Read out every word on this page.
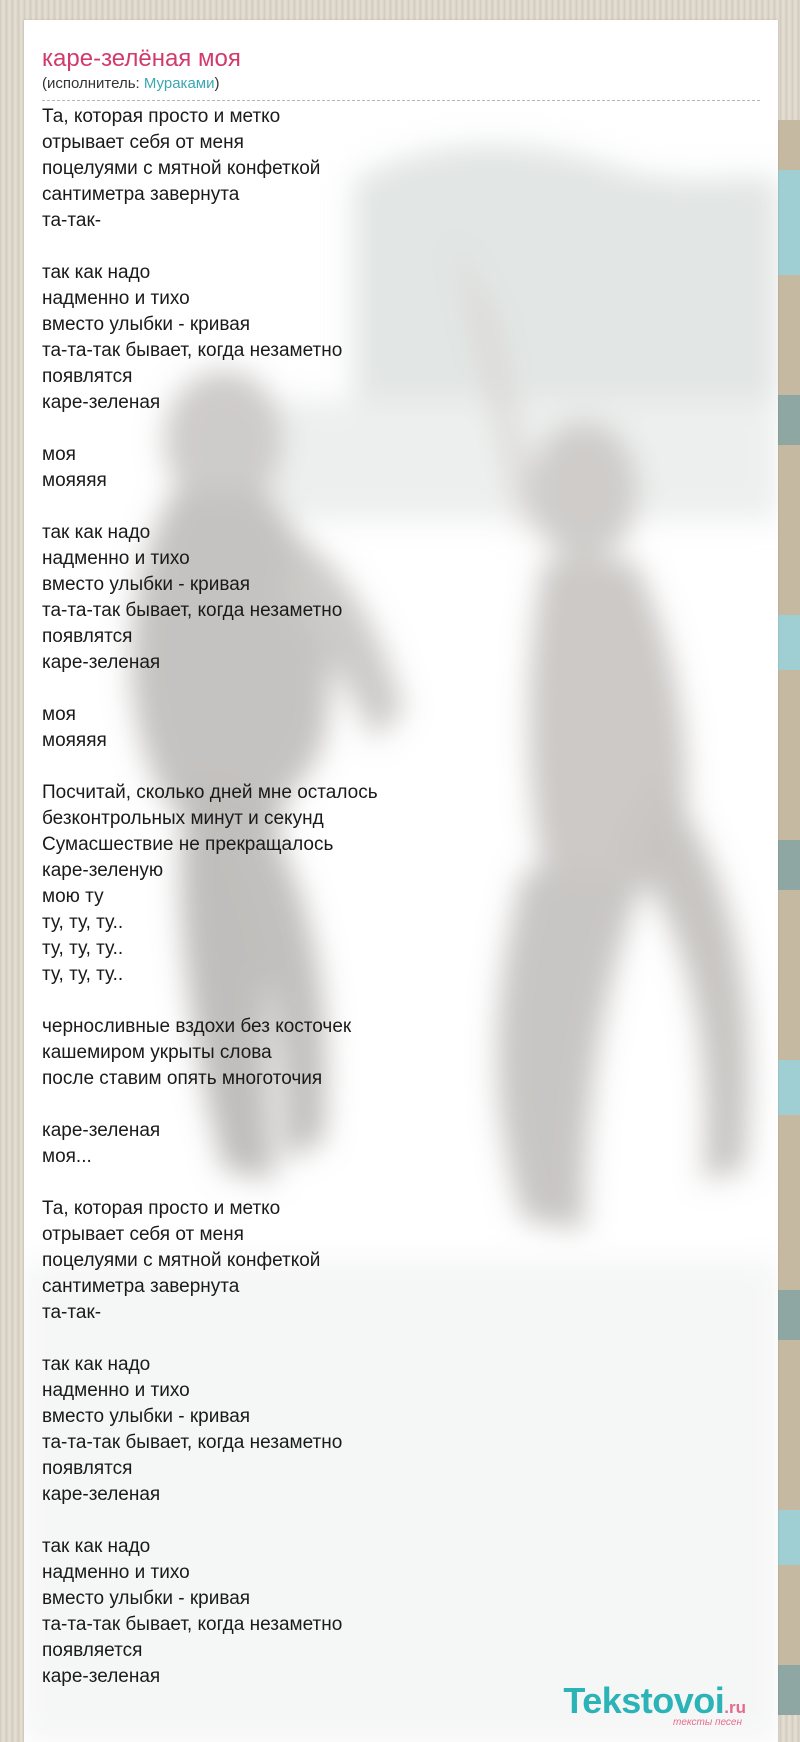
каре-зелёная моя
(исполнитель: Мураками)
Та, которая просто и метко
отрывает себя от меня
поцелуями с мятной конфеткой
сантиметра завернута
та-так-
так как надо
надменно и тихо
вместо улыбки - кривая
та-та-так бывает, когда незаметно
появлятся
каре-зеленая
моя
мояяяя
так как надо
надменно и тихо
вместо улыбки - кривая
та-та-так бывает, когда незаметно
появлятся
каре-зеленая
моя
мояяяя
Посчитай, сколько дней мне осталось
безконтрольных минут и секунд
Сумасшествие не прекращалось
каре-зеленую
мою ту
ту, ту, ту..
ту, ту, ту..
ту, ту, ту..
черносливные вздохи без косточек
кашемиром укрыты слова
после ставим опять многоточия
каре-зеленая
моя...
Та, которая просто и метко
отрывает себя от меня
поцелуями с мятной конфеткой
сантиметра завернута
та-так-
так как надо
надменно и тихо
вместо улыбки - кривая
та-та-так бывает, когда незаметно
появлятся
каре-зеленая
так как надо
надменно и тихо
вместо улыбки - кривая
та-та-так бывает, когда незаметно
появляется
каре-зеленая
Tekstovoi.ru
тексты песен
